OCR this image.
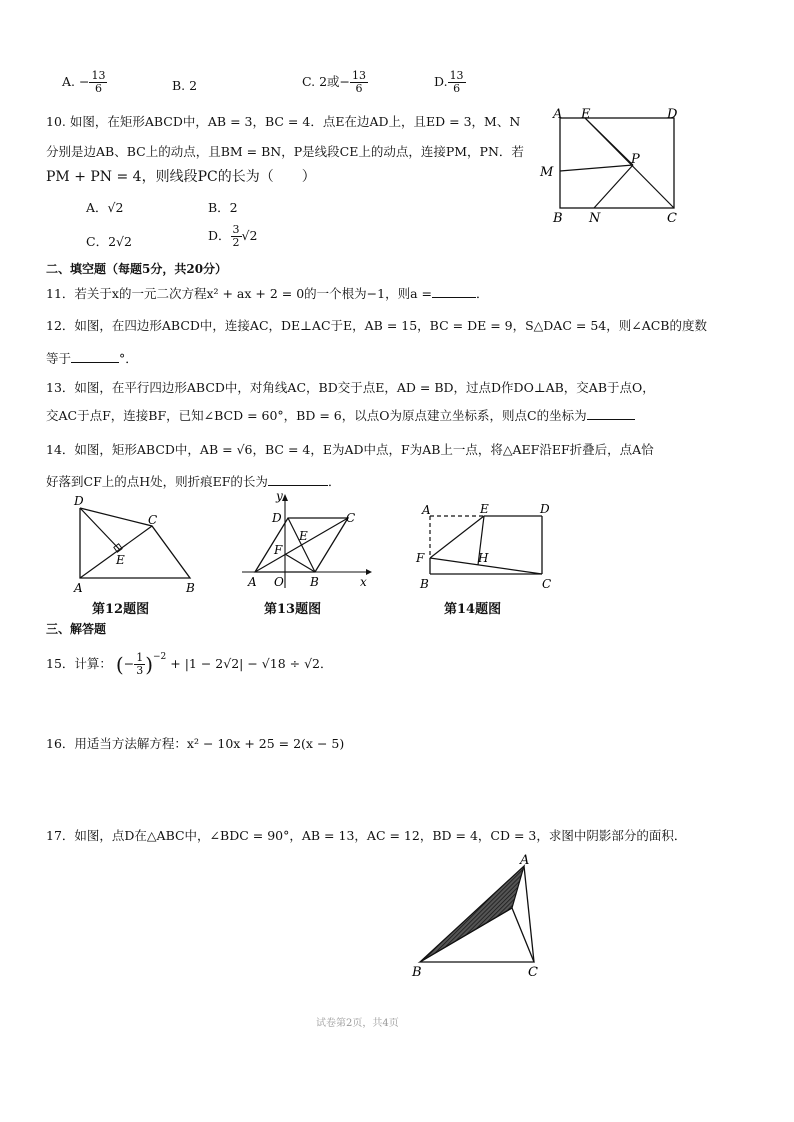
A. − $\frac{13}{6}$	B. 2	C. 2或− $\frac{13}{6}$	D. $\frac{13}{6}$
10. 如图，在矩形ABCD中，AB = 3，BC = 4．点E在边AD上，且ED = 3，M、N
分别是边AB、BC上的动点，且BM = BN，P是线段CE上的动点，连接PM，PN．若
PM + PN = 4，则线段PC的长为（　　）
A．√2	B．2
C．2√2	D． $\frac{3}{2} √2$
A E	D
M
P
B N	C
二、填空题（每题5分，共20分）
11．若关于x的一元二次方程x² + ax + 2 = 0的一个根为−1，则a =	．
12．如图，在四边形ABCD中，连接AC，DE⊥AC于E，AB = 15，BC = DE = 9，S△DAC = 54，则∠ACB的度数
等于	°．
13．如图，在平行四边形ABCD中，对角线AC，BD交于点E，AD = BD，过点D作DO⊥AB，交AB于点O，
交AC于点F，连接BF，已知∠BCD = 60°，BD = 6，以点O为原点建立坐标系，则点C的坐标为
14．如图，矩形ABCD中，AB = √6，BC = 4，E为AD中点，F为AB上一点，将△AEF沿EF折叠后，点A恰
好落到CF上的点H处，则折痕EF的长为	．
D
C
E
A	B
第12题图
y
D	C
E
F
A O B	x
第13题图
A	E	D
F	H
B	C
第14题图
三、解答题
15．计算： (− $\frac{1}{3} )^{-2} + |1 - 2√2| - √18 \div √2$．
16．用适当方法解方程：x² − 10x + 25 = 2(x − 5)
17．如图，点D在△ABC中，∠BDC = 90°，AB = 13，AC = 12，BD = 4，CD = 3，求图中阴影部分的面积．
A
B	C
试卷第2页，共4页
